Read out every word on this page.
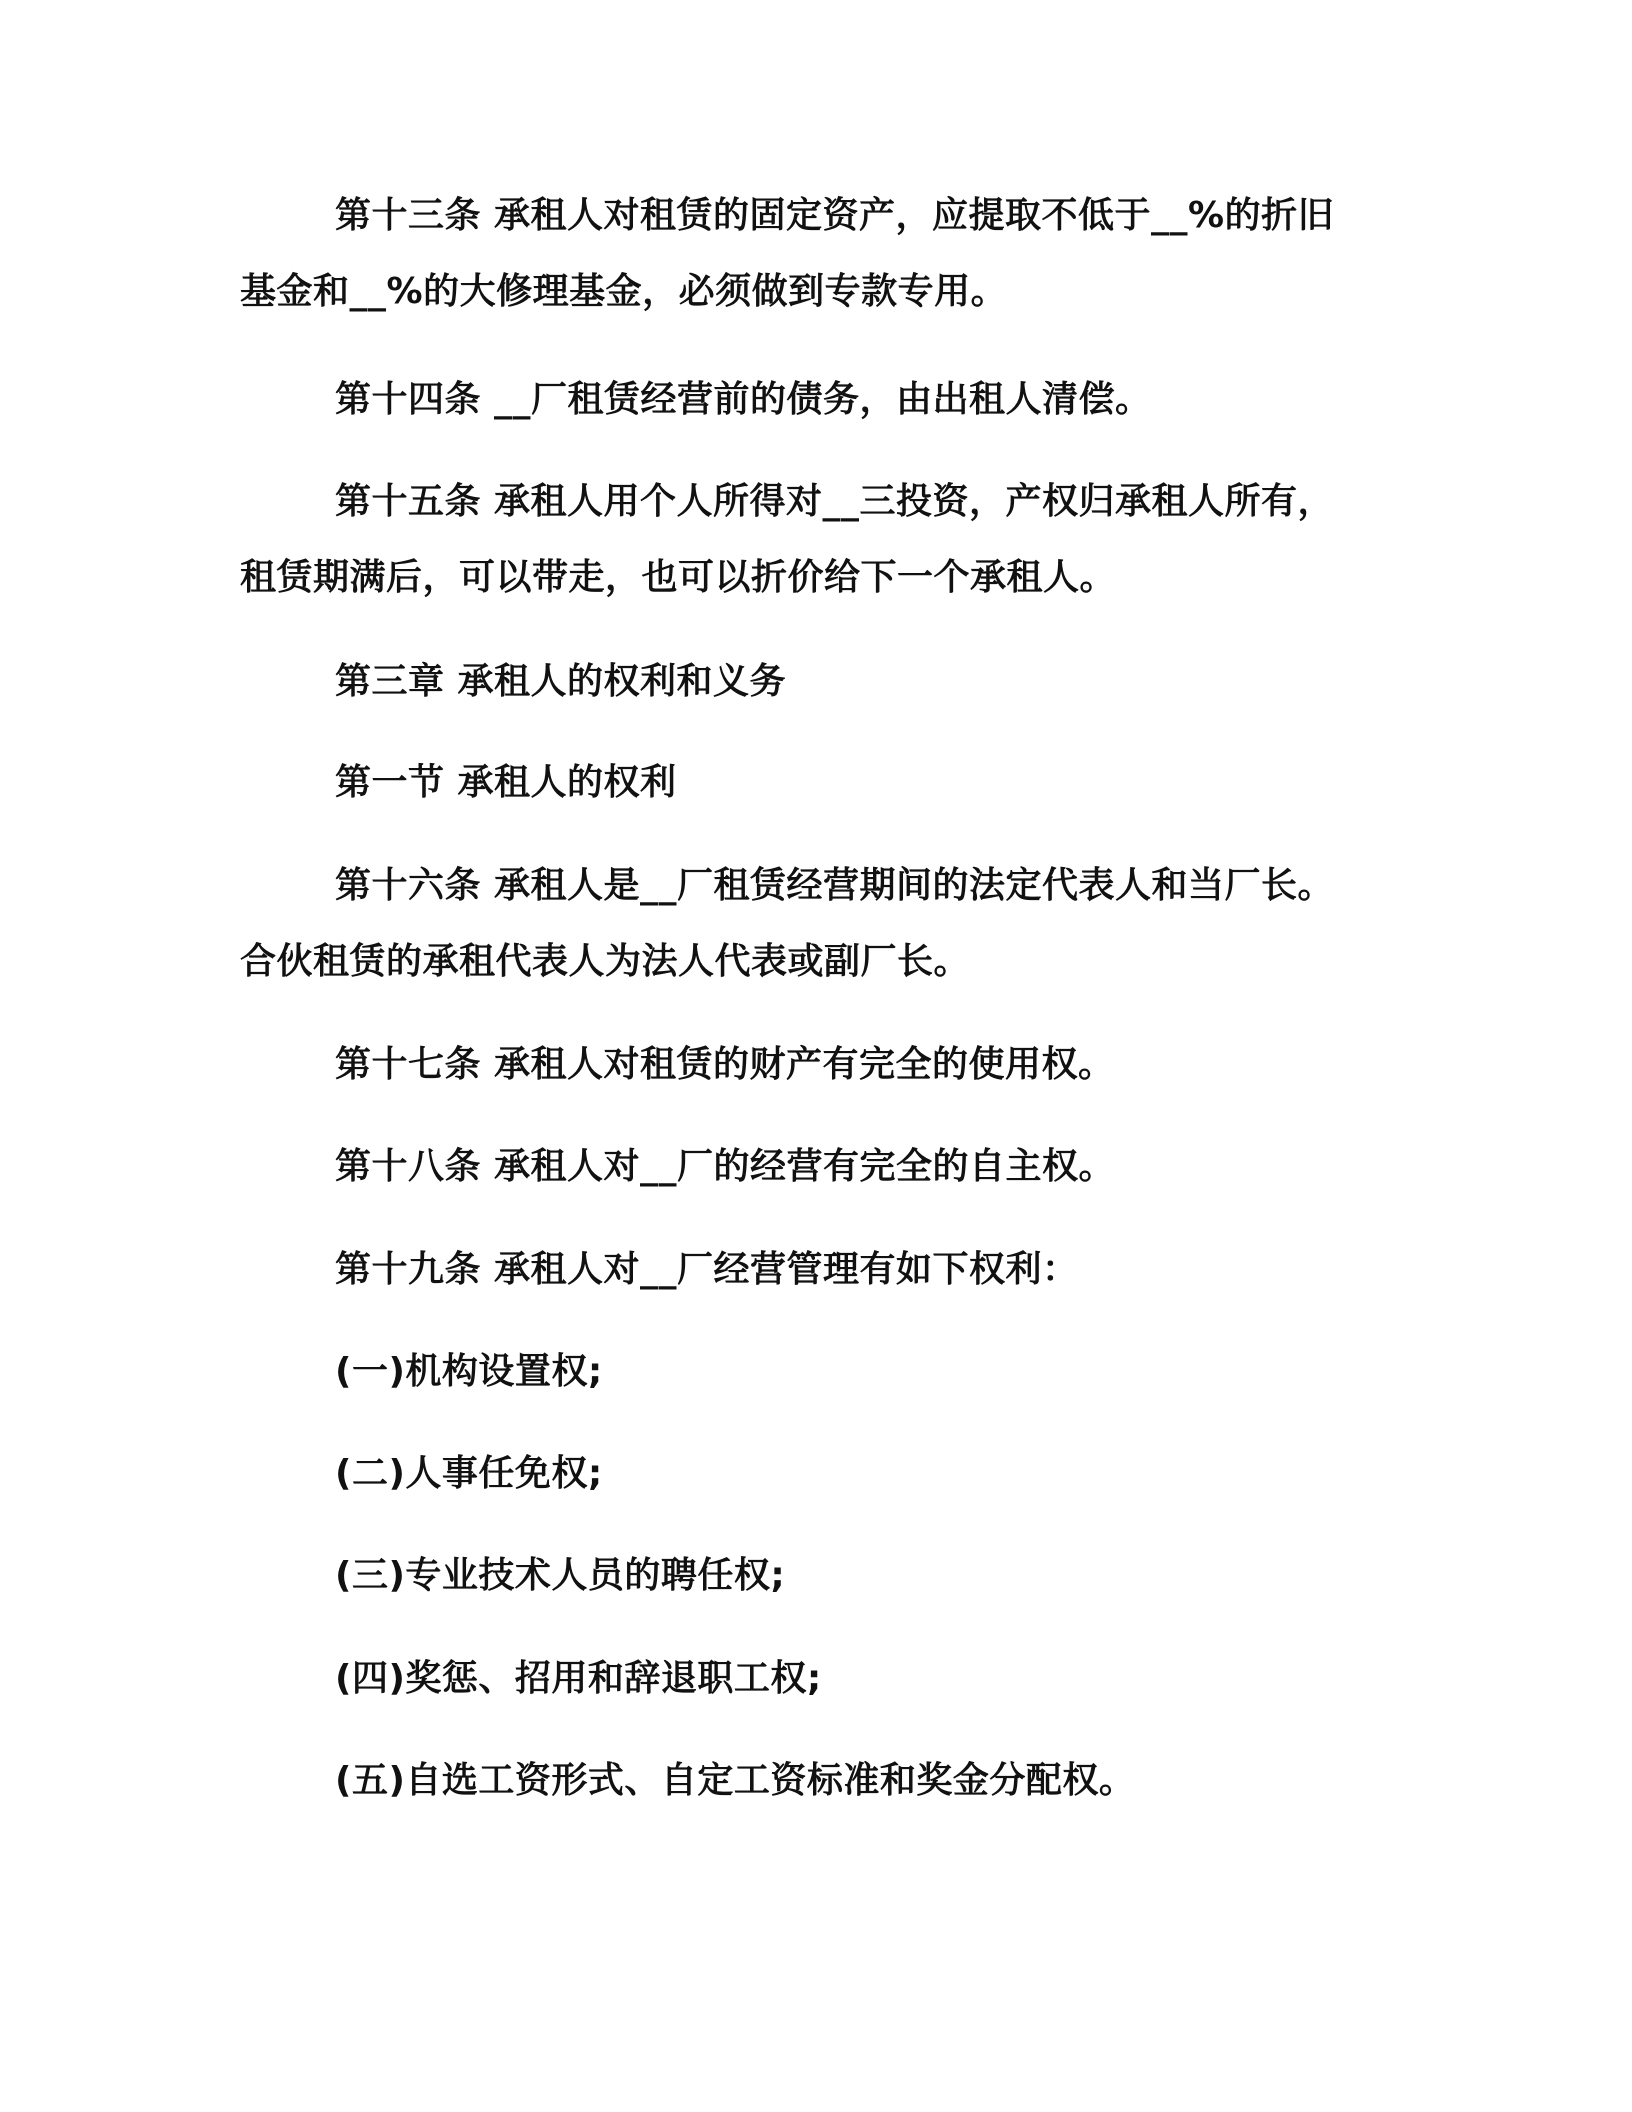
第十三条 承租人对租赁的固定资产，应提取不低于__%的折旧
基金和__%的大修理基金，必须做到专款专用。
第十四条 __厂租赁经营前的债务，由出租人清偿。
第十五条 承租人用个人所得对__三投资，产权归承租人所有，
租赁期满后，可以带走，也可以折价给下一个承租人。
第三章 承租人的权利和义务
第一节 承租人的权利
第十六条 承租人是__厂租赁经营期间的法定代表人和当厂长。
合伙租赁的承租代表人为法人代表或副厂长。
第十七条 承租人对租赁的财产有完全的使用权。
第十八条 承租人对__厂的经营有完全的自主权。
第十九条 承租人对__厂经营管理有如下权利：
(一)机构设置权;
(二)人事任免权;
(三)专业技术人员的聘任权;
(四)奖惩、招用和辞退职工权;
(五)自选工资形式、自定工资标准和奖金分配权。
